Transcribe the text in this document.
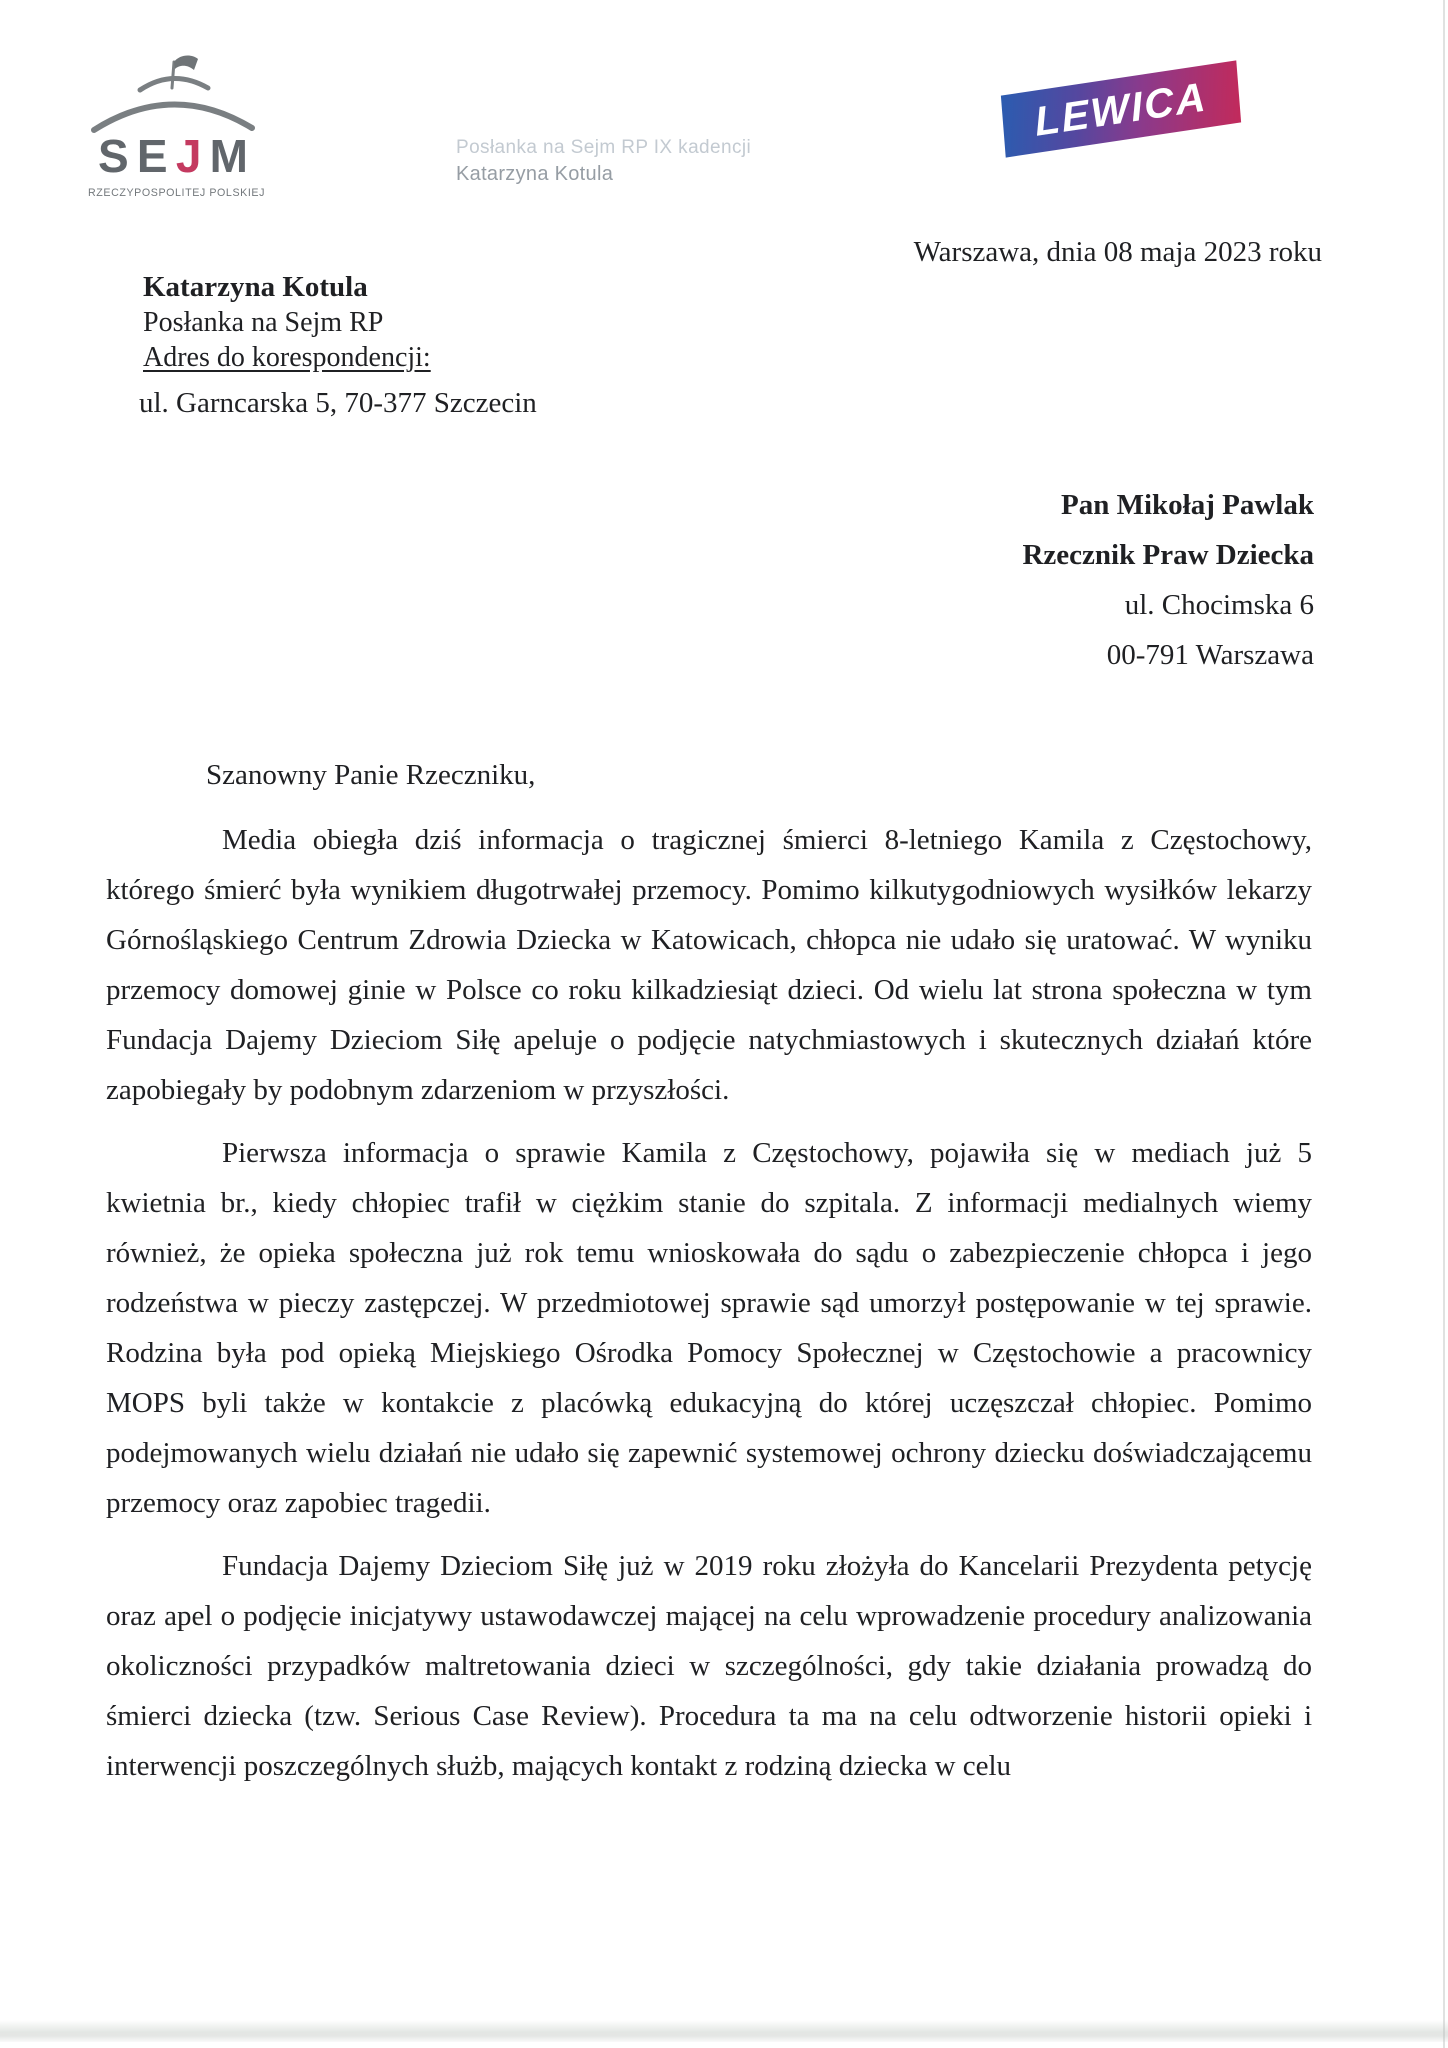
S E J M
RZECZYPOSPOLITEJ POLSKIEJ
Posłanka na Sejm RP IX kadencji
Katarzyna Kotula
LEWICA
Warszawa, dnia 08 maja 2023 roku
Katarzyna Kotula
Posłanka na Sejm RP
Adres do korespondencji:
ul. Garncarska 5, 70-377 Szczecin
Pan Mikołaj Pawlak
Rzecznik Praw Dziecka
ul. Chocimska 6
00-791 Warszawa

Szanowny Panie Rzeczniku,

Media obiegła dziś informacja o tragicznej śmierci 8-letniego Kamila z Częstochowy, którego śmierć była wynikiem długotrwałej przemocy. Pomimo kilkutygodniowych wysiłków lekarzy Górnośląskiego Centrum Zdrowia Dziecka w Katowicach, chłopca nie udało się uratować. W wyniku przemocy domowej ginie w Polsce co roku kilkadziesiąt dzieci. Od wielu lat strona społeczna w tym Fundacja Dajemy Dzieciom Siłę apeluje o podjęcie natychmiastowych i skutecznych działań które zapobiegały by podobnym zdarzeniom w przyszłości.

Pierwsza informacja o sprawie Kamila z Częstochowy, pojawiła się w mediach już 5 kwietnia br., kiedy chłopiec trafił w ciężkim stanie do szpitala. Z informacji medialnych wiemy również, że opieka społeczna już rok temu wnioskowała do sądu o zabezpieczenie chłopca i jego rodzeństwa w pieczy zastępczej. W przedmiotowej sprawie sąd umorzył postępowanie w tej sprawie. Rodzina była pod opieką Miejskiego Ośrodka Pomocy Społecznej w Częstochowie a pracownicy MOPS byli także w kontakcie z placówką edukacyjną do której uczęszczał chłopiec. Pomimo podejmowanych wielu działań nie udało się zapewnić systemowej ochrony dziecku doświadczającemu przemocy oraz zapobiec tragedii.

Fundacja Dajemy Dzieciom Siłę już w 2019 roku złożyła do Kancelarii Prezydenta petycję oraz apel o podjęcie inicjatywy ustawodawczej mającej na celu wprowadzenie procedury analizowania okoliczności przypadków maltretowania dzieci w szczególności, gdy takie działania prowadzą do śmierci dziecka (tzw. Serious Case Review). Procedura ta ma na celu odtworzenie historii opieki i interwencji poszczególnych służb, mających kontakt z rodziną dziecka w celu
